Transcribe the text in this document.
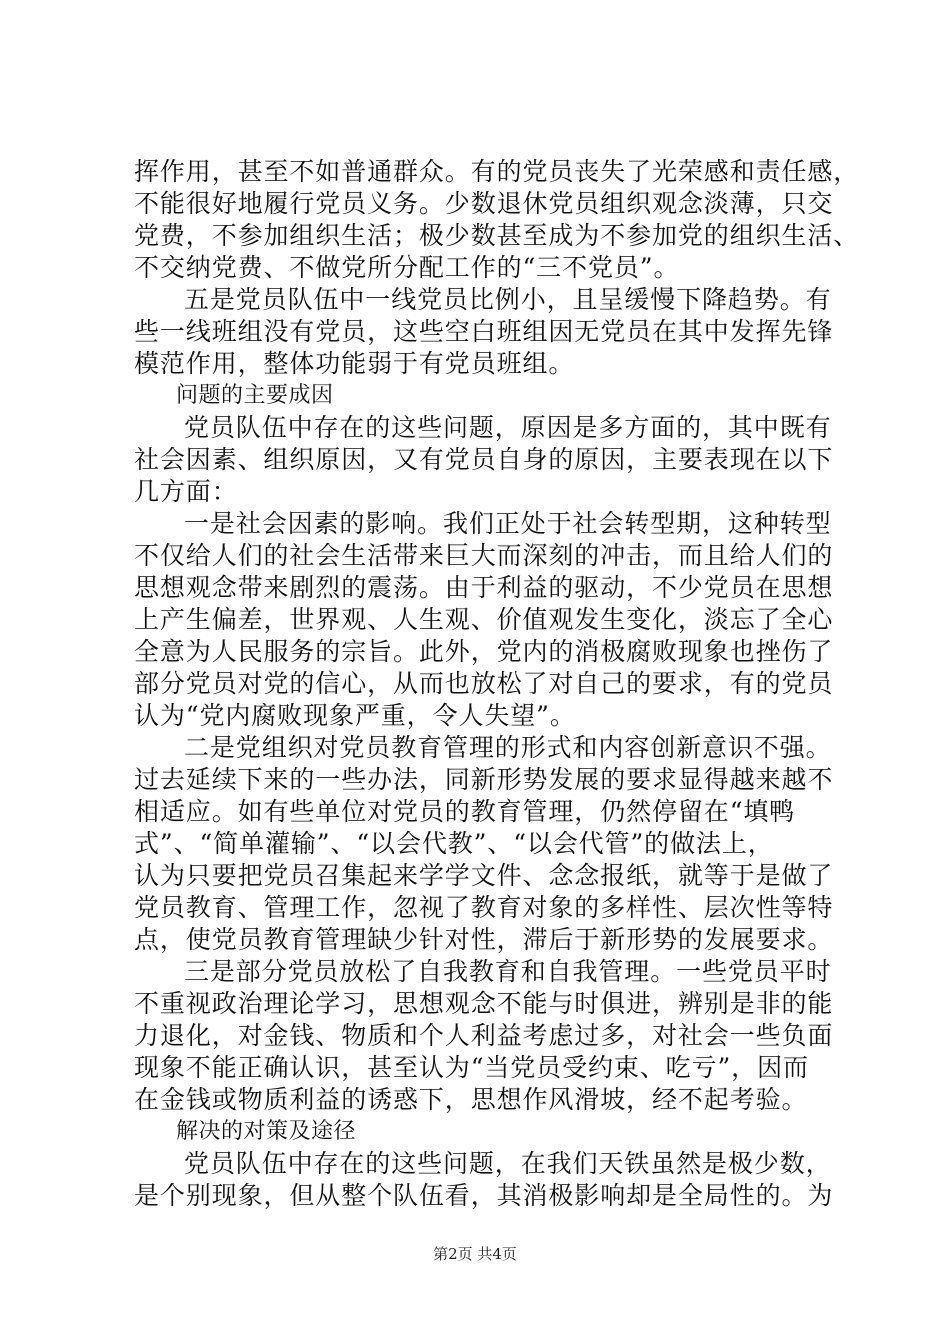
挥作用，甚至不如普通群众。有的党员丧失了光荣感和责任感，
不能很好地履行党员义务。少数退休党员组织观念淡薄，只交
党费，不参加组织生活；极少数甚至成为不参加党的组织生活、
不交纳党费、不做党所分配工作的“三不党员”。
五是党员队伍中一线党员比例小，且呈缓慢下降趋势。有
些一线班组没有党员，这些空白班组因无党员在其中发挥先锋
模范作用，整体功能弱于有党员班组。
问题的主要成因
党员队伍中存在的这些问题，原因是多方面的，其中既有
社会因素、组织原因，又有党员自身的原因，主要表现在以下
几方面：
一是社会因素的影响。我们正处于社会转型期，这种转型
不仅给人们的社会生活带来巨大而深刻的冲击，而且给人们的
思想观念带来剧烈的震荡。由于利益的驱动，不少党员在思想
上产生偏差，世界观、人生观、价值观发生变化，淡忘了全心
全意为人民服务的宗旨。此外，党内的消极腐败现象也挫伤了
部分党员对党的信心，从而也放松了对自己的要求，有的党员
认为“党内腐败现象严重，令人失望”。
二是党组织对党员教育管理的形式和内容创新意识不强。
过去延续下来的一些办法，同新形势发展的要求显得越来越不
相适应。如有些单位对党员的教育管理，仍然停留在“填鸭
式”、“简单灌输”、“以会代教”、“以会代管”的做法上，
认为只要把党员召集起来学学文件、念念报纸，就等于是做了
党员教育、管理工作，忽视了教育对象的多样性、层次性等特
点，使党员教育管理缺少针对性，滞后于新形势的发展要求。
三是部分党员放松了自我教育和自我管理。一些党员平时
不重视政治理论学习，思想观念不能与时俱进，辨别是非的能
力退化，对金钱、物质和个人利益考虑过多，对社会一些负面
现象不能正确认识，甚至认为“当党员受约束、吃亏”，因而
在金钱或物质利益的诱惑下，思想作风滑坡，经不起考验。
解决的对策及途径
党员队伍中存在的这些问题，在我们天铁虽然是极少数，
是个别现象，但从整个队伍看，其消极影响却是全局性的。为
第2页 共4页
